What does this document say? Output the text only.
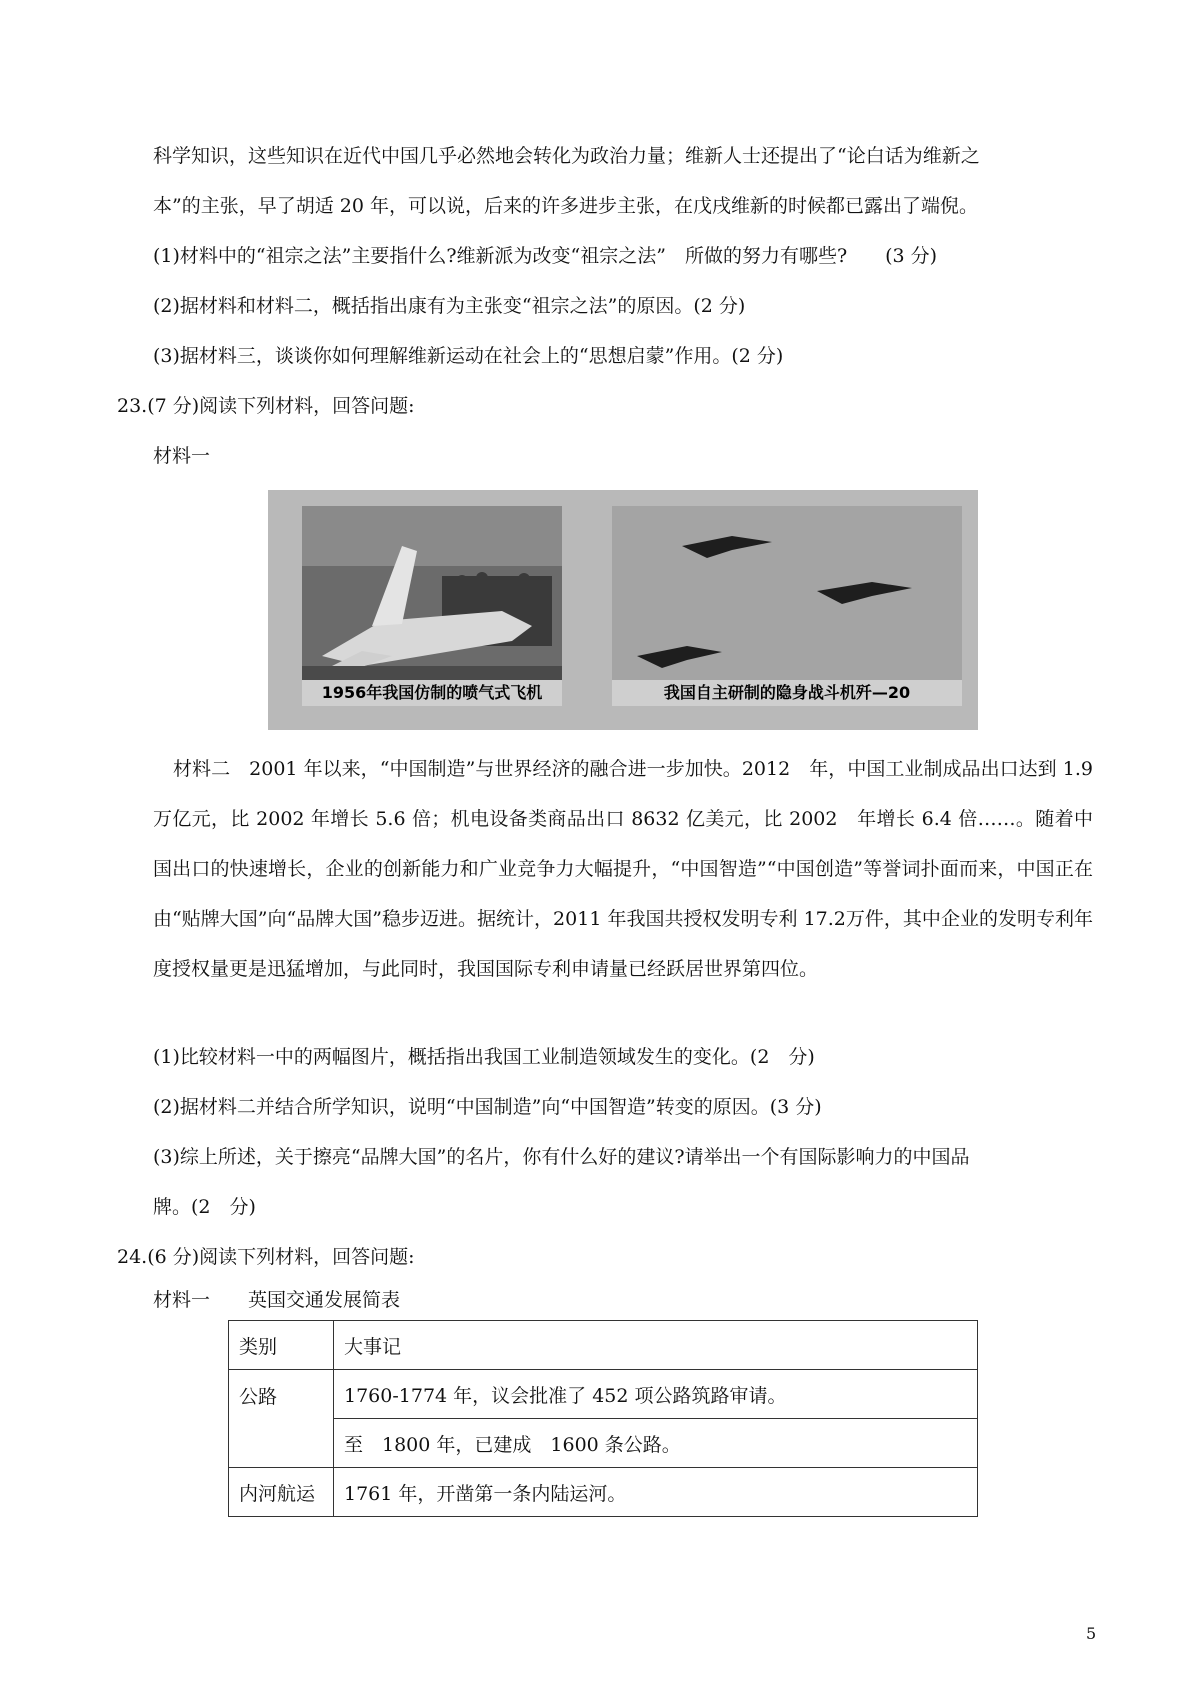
科学知识，这些知识在近代中国几乎必然地会转化为政治力量；维新人士还提出了“论白话为维新之
本”的主张，早了胡适 20 年，可以说，后来的许多进步主张，在戊戌维新的时候都已露出了端倪。
(1)材料中的“祖宗之法”主要指什么?维新派为改变“祖宗之法”　所做的努力有哪些?　　(3 分)
(2)据材料和材料二，概括指出康有为主张变“祖宗之法”的原因。(2 分)
(3)据材料三，谈谈你如何理解维新运动在社会上的“思想启蒙”作用。(2 分)
23.(7 分)阅读下列材料，回答问题:
材料一
1956年我国仿制的喷气式飞机	我国自主研制的隐身战斗机歼—20
材料二　2001 年以来，“中国制造”与世界经济的融合进一步加快。2012　年，中国工业制成品出口达到 1.9 万亿元，比 2002 年增长 5.6 倍；机电设备类商品出口 8632 亿美元，比 2002　年增长 6.4 倍……。随着中国出口的快速增长，企业的创新能力和广业竞争力大幅提升，“中国智造”“中国创造”等誉词扑面而来，中国正在由“贴牌大国”向“品牌大国”稳步迈进。据统计，2011 年我国共授权发明专利 17.2万件，其中企业的发明专利年度授权量更是迅猛增加，与此同时，我国国际专利申请量已经跃居世界第四位。
(1)比较材料一中的两幅图片，概括指出我国工业制造领域发生的变化。(2　分)
(2)据材料二并结合所学知识，说明“中国制造”向“中国智造”转变的原因。(3 分)
(3)综上所述，关于擦亮“品牌大国”的名片，你有什么好的建议?请举出一个有国际影响力的中国品
牌。(2　分)
24.(6 分)阅读下列材料，回答问题:
材料一　　英国交通发展简表
类别	大事记
公路	1760-1774 年，议会批准了 452 项公路筑路审请。
	至　1800 年，已建成　1600 条公路。
内河航运	1761 年，开凿第一条内陆运河。
5
